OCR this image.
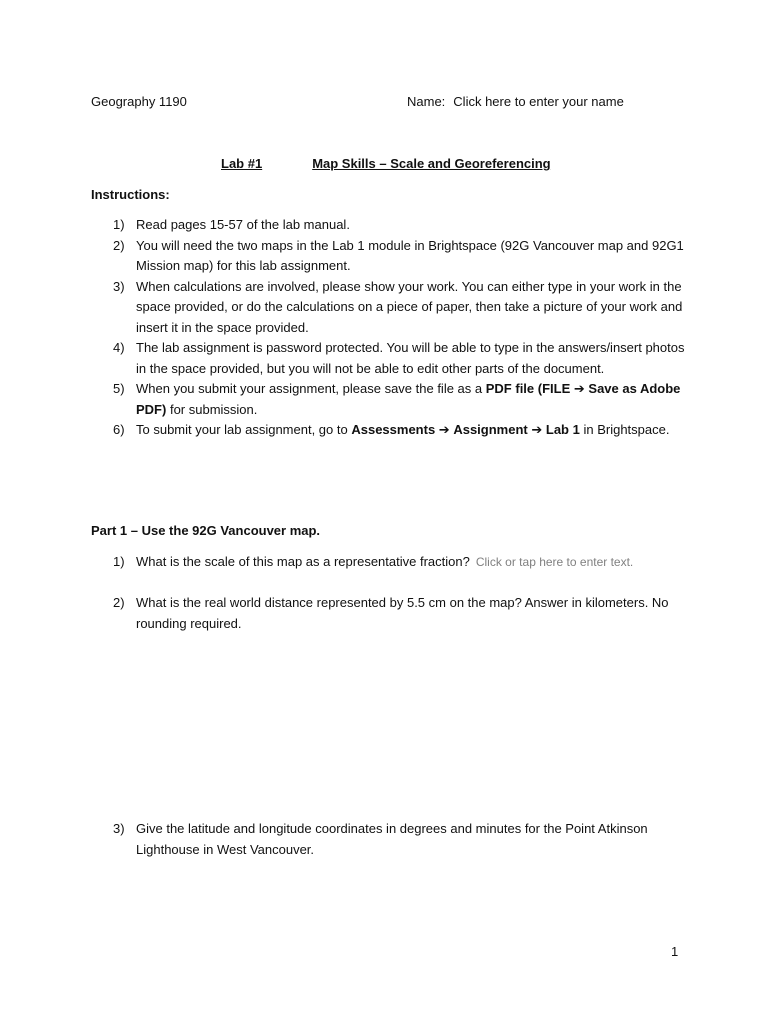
Geography 1190	Name: Click here to enter your name
Lab #1	Map Skills – Scale and Georeferencing
Instructions:
1) Read pages 15-57 of the lab manual.
2) You will need the two maps in the Lab 1 module in Brightspace (92G Vancouver map and 92G1 Mission map) for this lab assignment.
3) When calculations are involved, please show your work. You can either type in your work in the space provided, or do the calculations on a piece of paper, then take a picture of your work and insert it in the space provided.
4) The lab assignment is password protected. You will be able to type in the answers/insert photos in the space provided, but you will not be able to edit other parts of the document.
5) When you submit your assignment, please save the file as a PDF file (FILE ➔ Save as Adobe PDF) for submission.
6) To submit your lab assignment, go to Assessments ➔ Assignment ➔ Lab 1 in Brightspace.
Part 1 – Use the 92G Vancouver map.
1) What is the scale of this map as a representative fraction? Click or tap here to enter text.
2) What is the real world distance represented by 5.5 cm on the map? Answer in kilometers. No rounding required.
3) Give the latitude and longitude coordinates in degrees and minutes for the Point Atkinson Lighthouse in West Vancouver.
1
